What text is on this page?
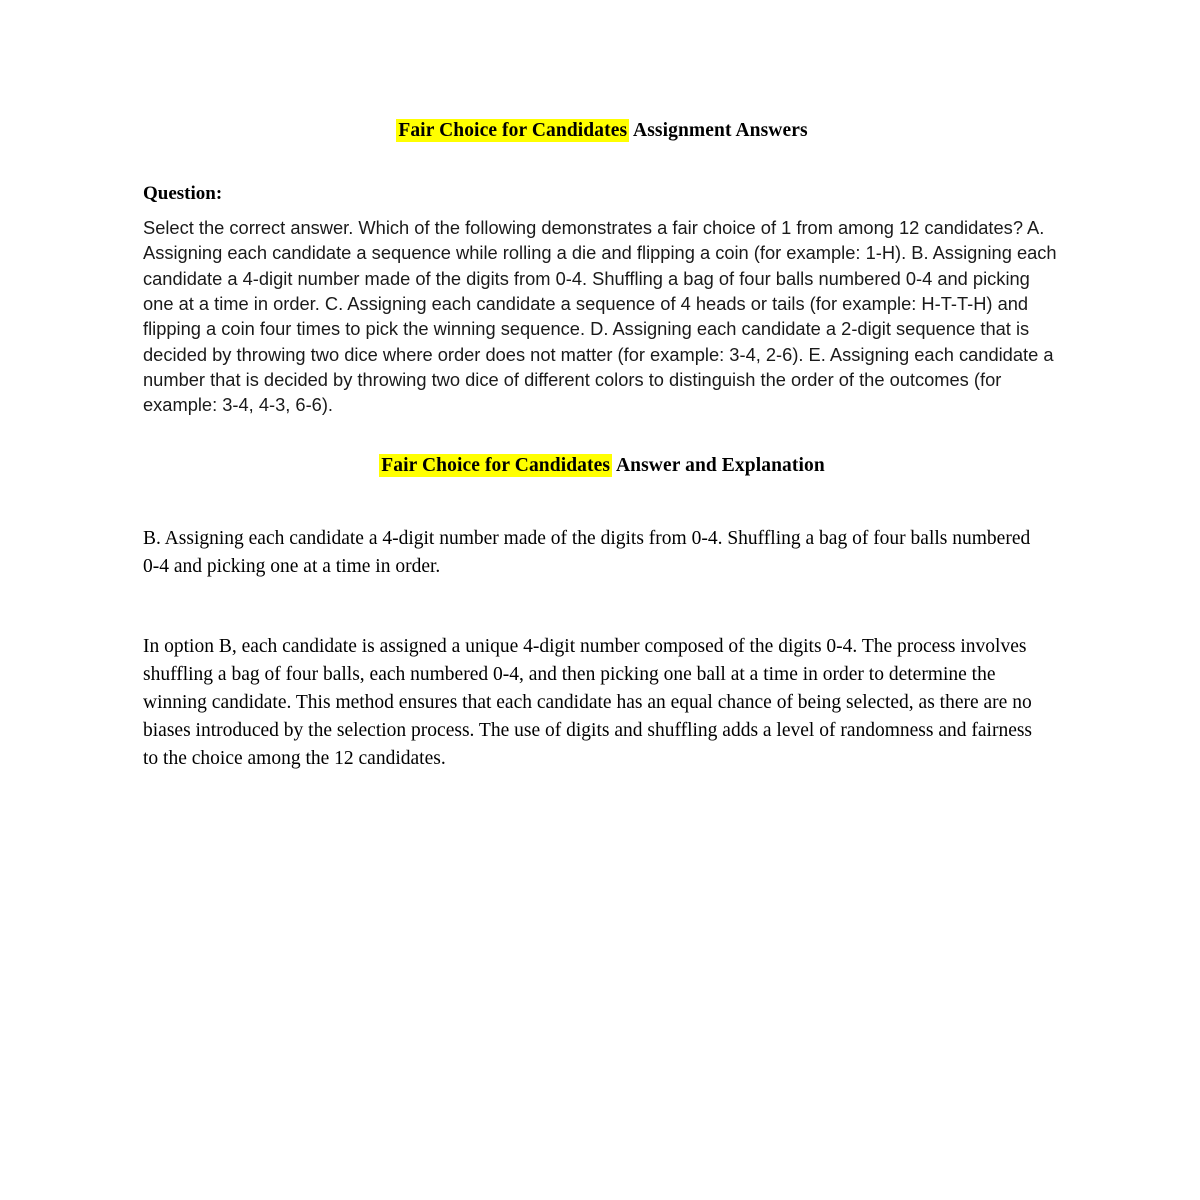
Fair Choice for Candidates Assignment Answers
Question:

Select the correct answer. Which of the following demonstrates a fair choice of 1 from among 12 candidates? A. Assigning each candidate a sequence while rolling a die and flipping a coin (for example: 1-H). B. Assigning each candidate a 4-digit number made of the digits from 0-4. Shuffling a bag of four balls numbered 0-4 and picking one at a time in order. C. Assigning each candidate a sequence of 4 heads or tails (for example: H-T-T-H) and flipping a coin four times to pick the winning sequence. D. Assigning each candidate a 2-digit sequence that is decided by throwing two dice where order does not matter (for example: 3-4, 2-6). E. Assigning each candidate a number that is decided by throwing two dice of different colors to distinguish the order of the outcomes (for example: 3-4, 4-3, 6-6).

Fair Choice for Candidates Answer and Explanation

B. Assigning each candidate a 4-digit number made of the digits from 0-4. Shuffling a bag of four balls numbered 0-4 and picking one at a time in order.

In option B, each candidate is assigned a unique 4-digit number composed of the digits 0-4. The process involves shuffling a bag of four balls, each numbered 0-4, and then picking one ball at a time in order to determine the winning candidate. This method ensures that each candidate has an equal chance of being selected, as there are no biases introduced by the selection process. The use of digits and shuffling adds a level of randomness and fairness to the choice among the 12 candidates.
